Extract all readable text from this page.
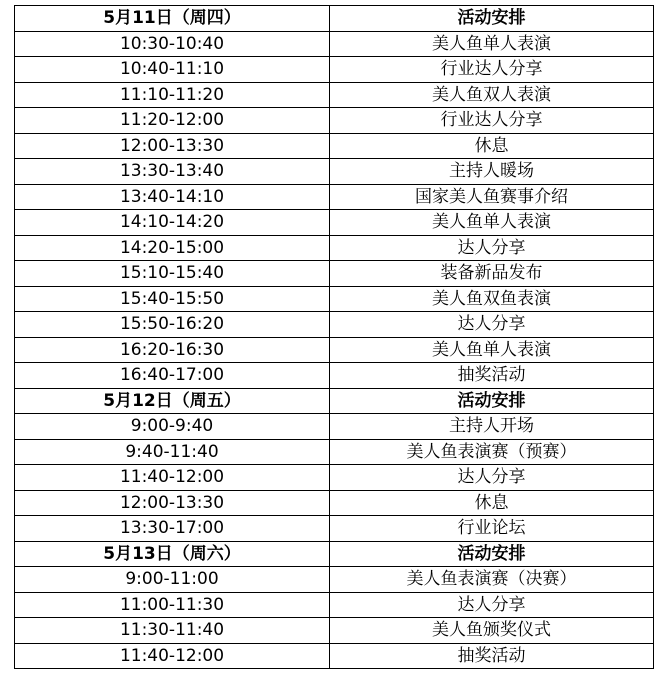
5月11日（周四）	活动安排
10:30-10:40	美人鱼单人表演
10:40-11:10	行业达人分享
11:10-11:20	美人鱼双人表演
11:20-12:00	行业达人分享
12:00-13:30	休息
13:30-13:40	主持人暖场
13:40-14:10	国家美人鱼赛事介绍
14:10-14:20	美人鱼单人表演
14:20-15:00	达人分享
15:10-15:40	装备新品发布
15:40-15:50	美人鱼双鱼表演
15:50-16:20	达人分享
16:20-16:30	美人鱼单人表演
16:40-17:00	抽奖活动
5月12日（周五）	活动安排
9:00-9:40	主持人开场
9:40-11:40	美人鱼表演赛（预赛）
11:40-12:00	达人分享
12:00-13:30	休息
13:30-17:00	行业论坛
5月13日（周六）	活动安排
9:00-11:00	美人鱼表演赛（决赛）
11:00-11:30	达人分享
11:30-11:40	美人鱼颁奖仪式
11:40-12:00	抽奖活动
